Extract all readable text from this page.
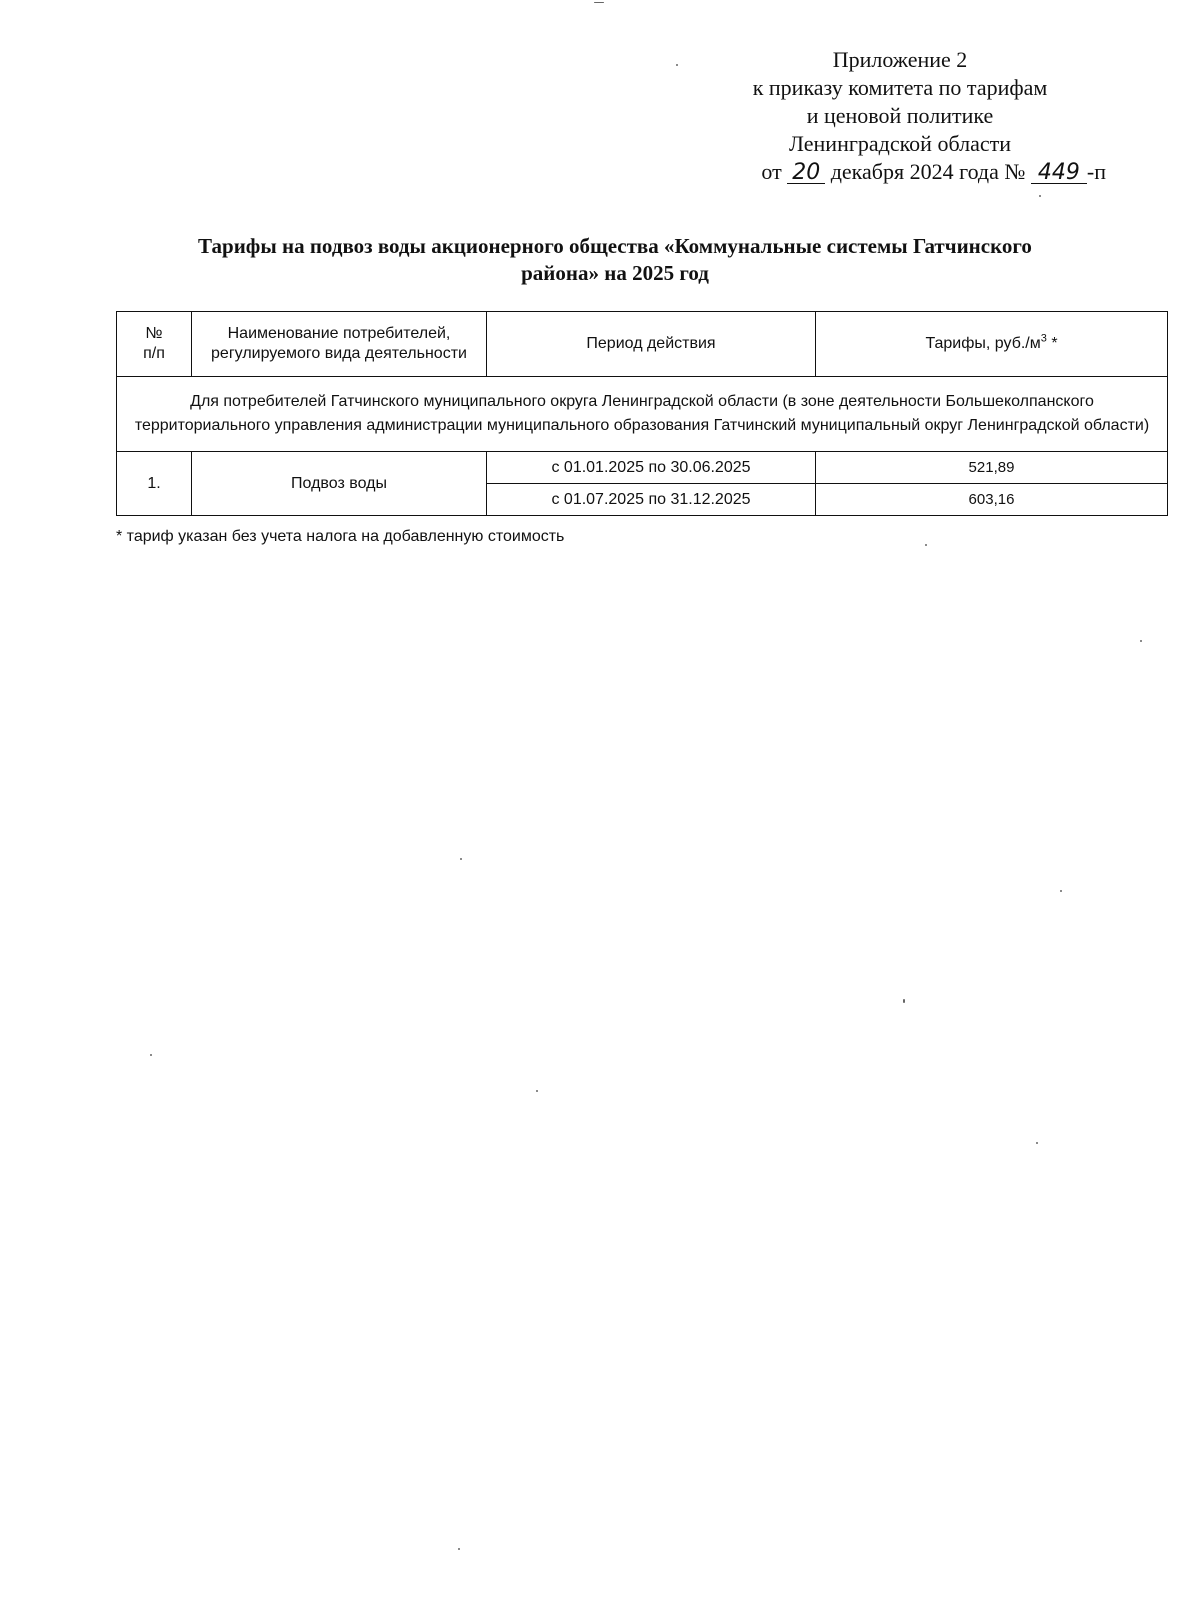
Приложение 2
к приказу комитета по тарифам
и ценовой политике
Ленинградской области
от 20 декабря 2024 года № 449 -п
Тарифы на подвоз воды акционерного общества «Коммунальные системы Гатчинского
района» на 2025 год
№
п/п	Наименование потребителей, регулируемого вида деятельности	Период действия	Тарифы, $руб./м^3$ *
Для потребителей Гатчинского муниципального округа Ленинградской области (в зоне деятельности Большеколпанского территориального управления администрации муниципального образования Гатчинский муниципальный округ Ленинградской области)			
1.	Подвоз воды	с 01.01.2025 по 30.06.2025	521,89
		с 01.07.2025 по 31.12.2025	603,16
* тариф указан без учета налога на добавленную стоимость
